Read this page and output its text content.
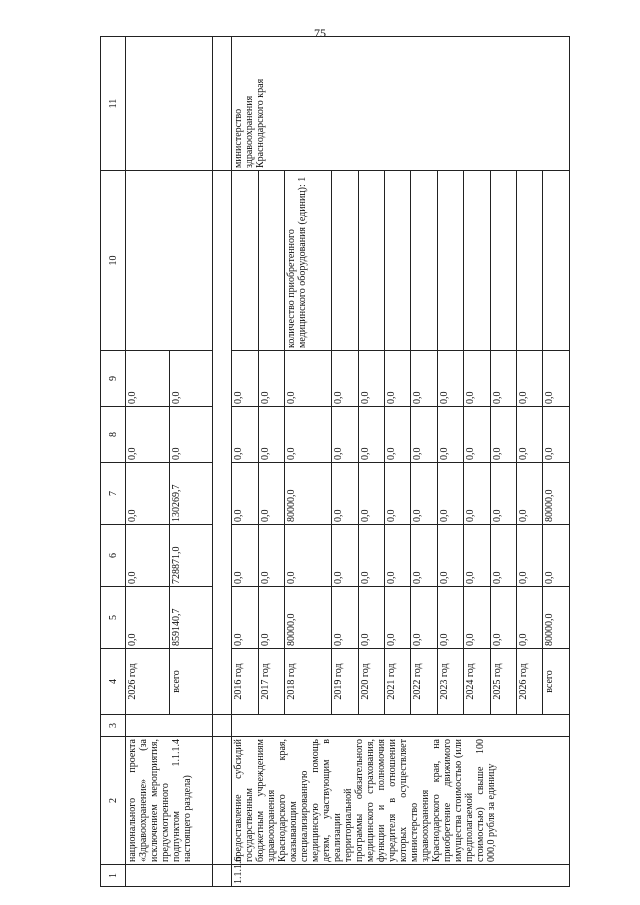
75
1	2	3	4	5	6	7	8	9	10	11
	национального проекта «Здравоохранение» (за исключением мероприятия, предусмотренного подпунктом 1.1.1.4 настоящего раздела)		2026 год	0,0	0,0	0,0	0,0	0,0		
			всего	859140,7	728871,0	130269,7	0,0	0,0		

1.1.1.6	предоставление субсидий государственным бюджетным учреждениям здравоохранения Краснодарского края, оказывающим специализированную медицинскую помощь детям, участвующим в реализации территориальной программы обязательного медицинского страхования, функции и полномочия учредителя в отношении которых осуществляет министерство здравоохранения Краснодарского края, на приобретение движимого имущества стоимостью (или предполагаемой стоимостью) свыше 100 000,0 рубля за единицу		2016 год	0,0	0,0	0,0	0,0	0,0		министерство здравоохранения Краснодарского края
			2017 год	0,0	0,0	0,0	0,0	0,0		
			2018 год	80000,0	0,0	80000,0	0,0	0,0	количество приобретенного медицинского оборудования (единиц): 1	
			2019 год	0,0	0,0	0,0	0,0	0,0		
			2020 год	0,0	0,0	0,0	0,0	0,0		
			2021 год	0,0	0,0	0,0	0,0	0,0		
			2022 год	0,0	0,0	0,0	0,0	0,0		
			2023 год	0,0	0,0	0,0	0,0	0,0		
			2024 год	0,0	0,0	0,0	0,0	0,0		
			2025 год	0,0	0,0	0,0	0,0	0,0		
			2026 год	0,0	0,0	0,0	0,0	0,0		
			всего	80000,0	0,0	80000,0	0,0	0,0		
